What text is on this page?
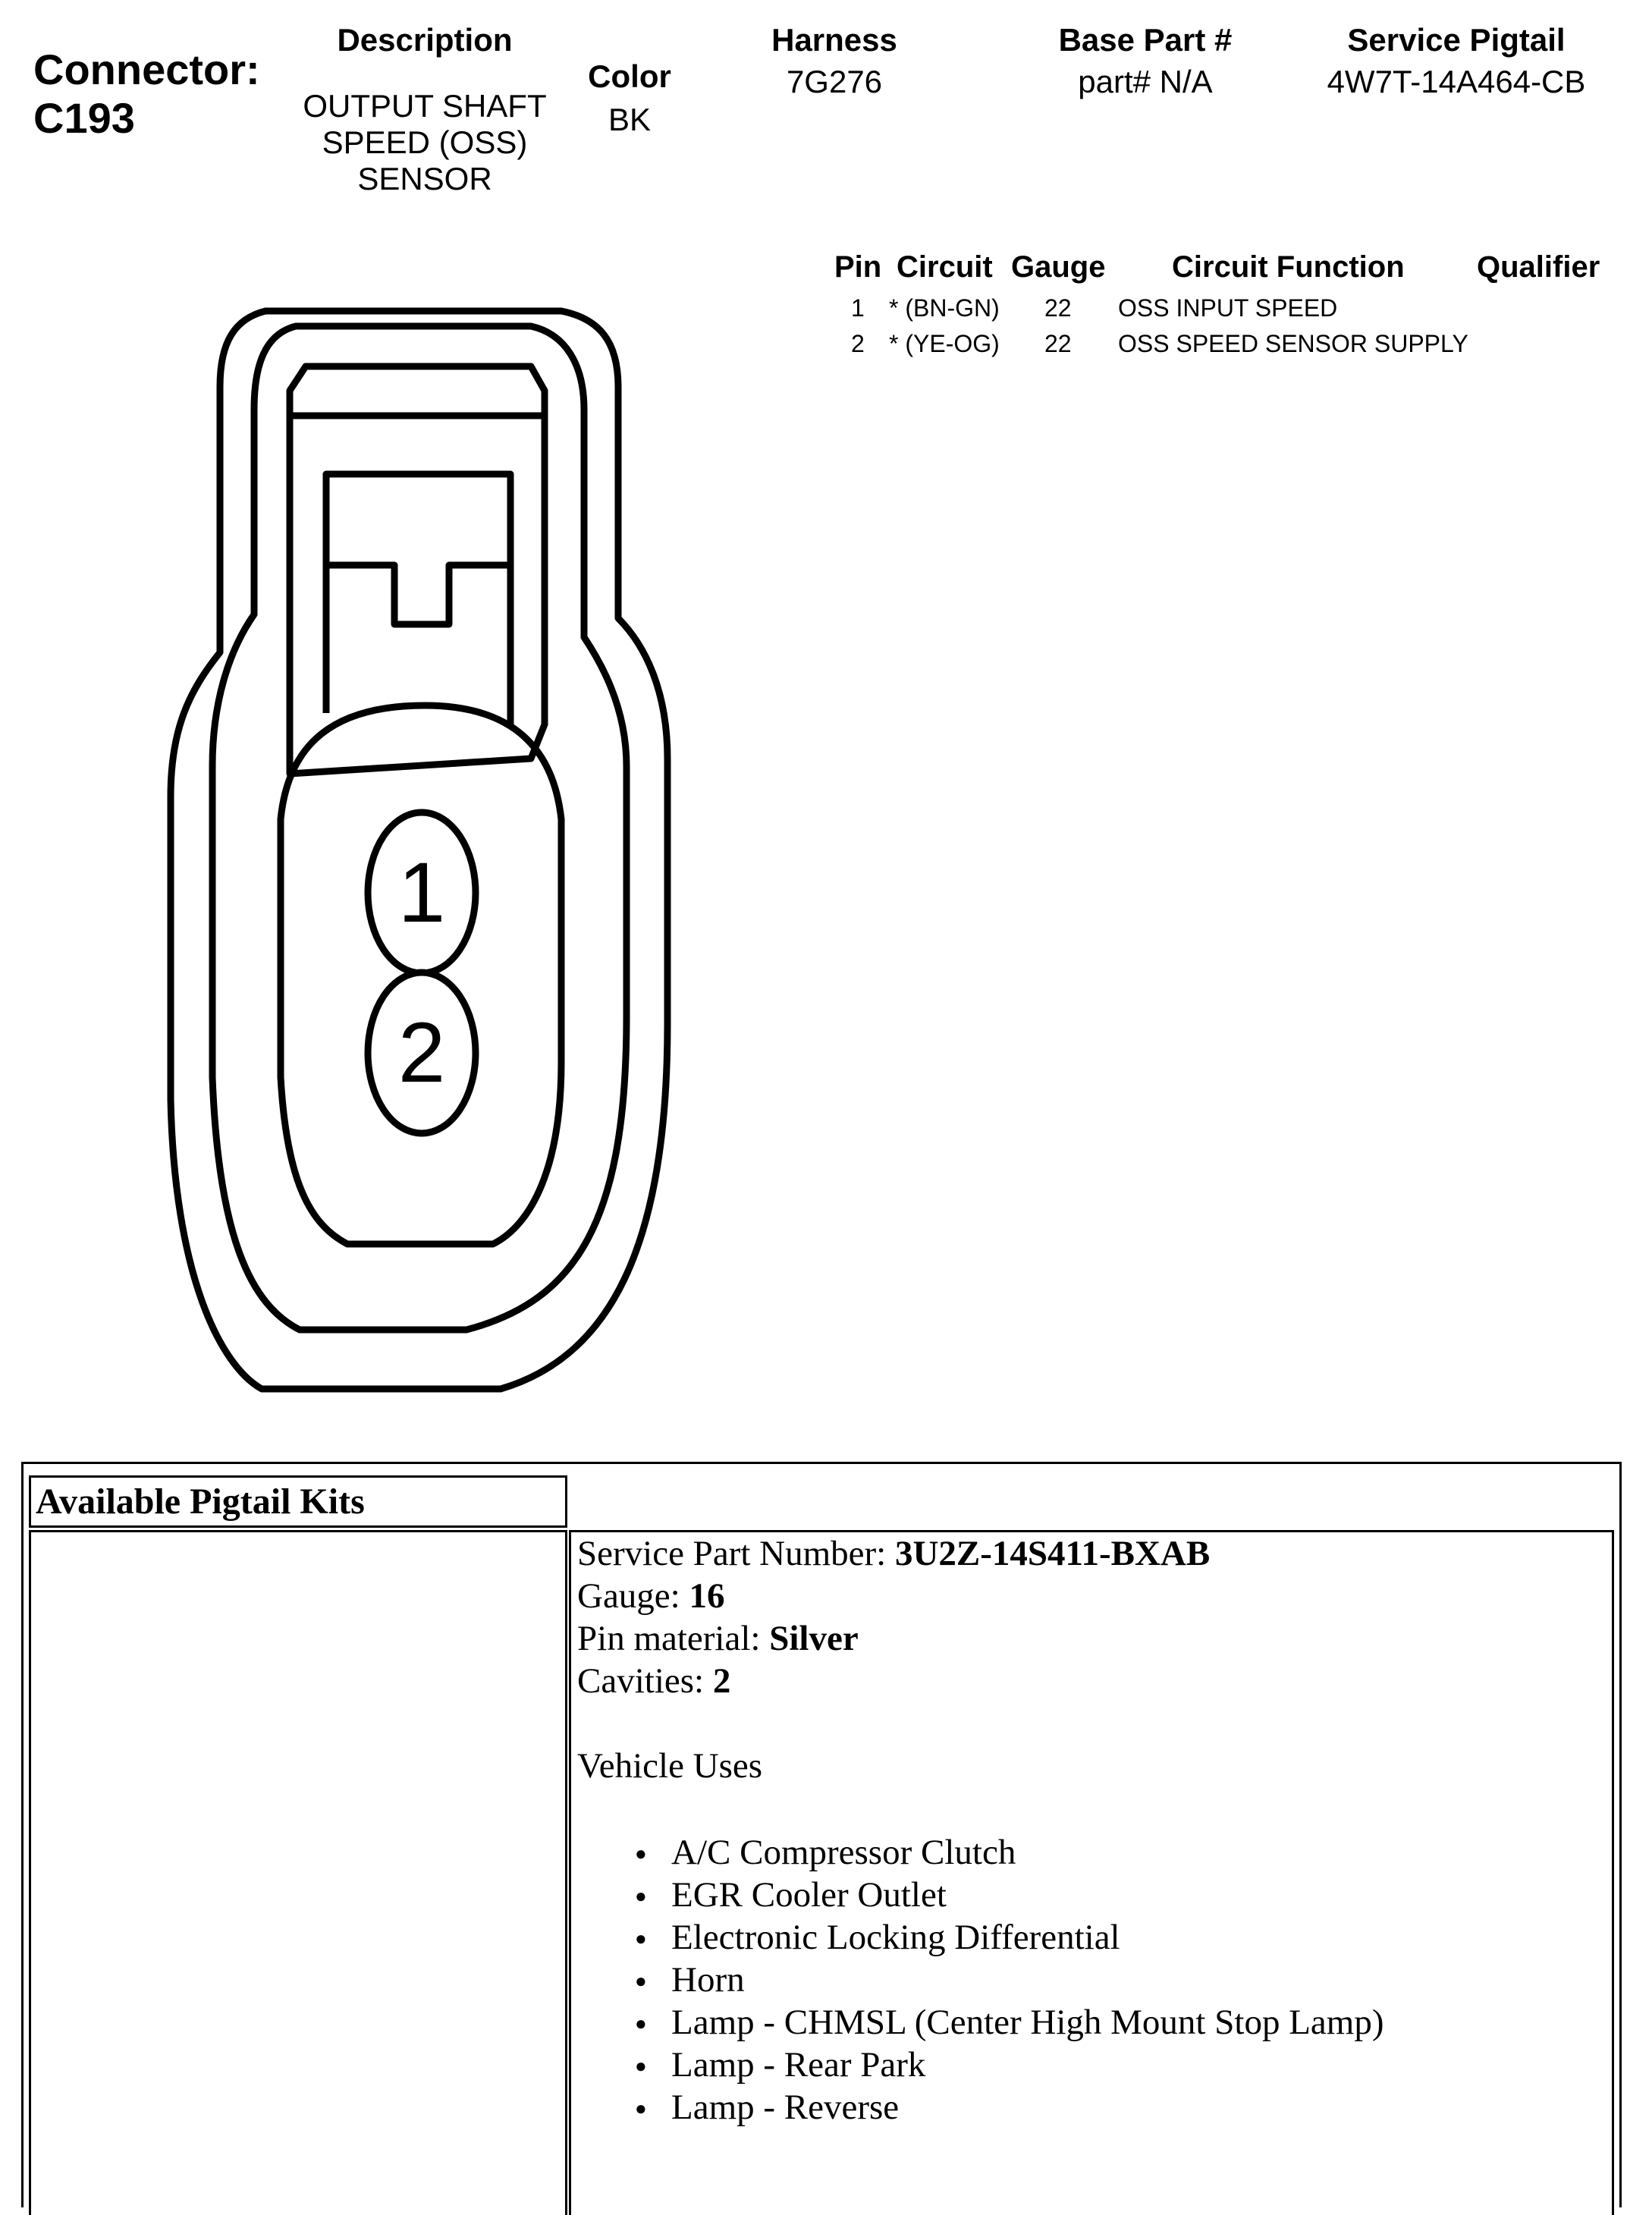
Connector:
C193
Description
OUTPUT SHAFT
SPEED (OSS)
SENSOR
Color
BK
Harness
7G276
Base Part #
part# N/A
Service Pigtail
4W7T-14A464-CB
Pin Circuit Gauge Circuit Function Qualifier
1 * (BN-GN) 22 OSS INPUT SPEED
2 * (YE-OG) 22 OSS SPEED SENSOR SUPPLY
1
2
Available Pigtail Kits
Service Part Number: 3U2Z-14S411-BXAB
Gauge: 16
Pin material: Silver
Cavities: 2
Vehicle Uses
● A/C Compressor Clutch
● EGR Cooler Outlet
● Electronic Locking Differential
● Horn
● Lamp - CHMSL (Center High Mount Stop Lamp)
● Lamp - Rear Park
● Lamp - Reverse
